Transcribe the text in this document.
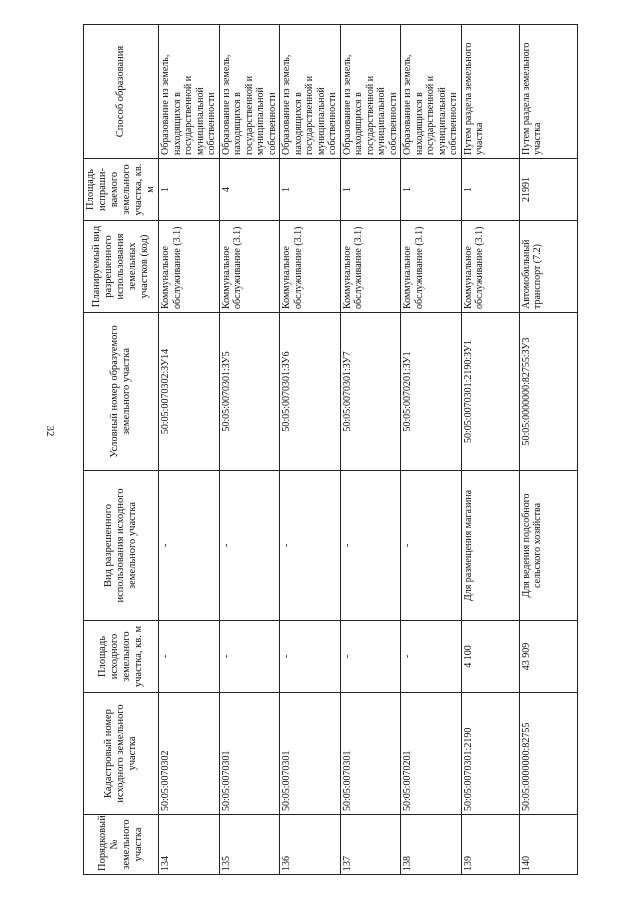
32
Порядковый № земельного участка	Кадастровый номер исходного земельного участка	Площадь исходного земельного участка, кв. м	Вид разрешенного использования исходного земельного участка	Условный номер образуемого земельного участка	Планируемый вид разрешенного использования земельных участков (код)	Площадь испраши-ваемого земельного участка, кв. м	Способ образования
134	50:05:0070302	-	-	50:05:0070302:ЗУ14	Коммунальное обслуживание (3.1)	1	Образование из земель, находящихся в государственной и муниципальной собственности
135	50:05:0070301	-	-	50:05:0070301:ЗУ5	Коммунальное обслуживание (3.1)	4	Образование из земель, находящихся в государственной и муниципальной собственности
136	50:05:0070301	-	-	50:05:0070301:ЗУ6	Коммунальное обслуживание (3.1)	1	Образование из земель, находящихся в государственной и муниципальной собственности
137	50:05:0070301	-	-	50:05:0070301:ЗУ7	Коммунальное обслуживание (3.1)	1	Образование из земель, находящихся в государственной и муниципальной собственности
138	50:05:0070201	-	-	50:05:0070201:ЗУ1	Коммунальное обслуживание (3.1)	1	Образование из земель, находящихся в государственной и муниципальной собственности
139	50:05:0070301:2190	4 100	Для размещения магазина	50:05:0070301:2190:ЗУ1	Коммунальное обслуживание (3.1)	1	Путем раздела земельного участка
140	50:05:0000000:82755	43 909	Для ведения подсобного сельского хозяйства	50:05:0000000:82755:ЗУ3	Автомобильный транспорт (7.2)	21991	Путем раздела земельного участка
